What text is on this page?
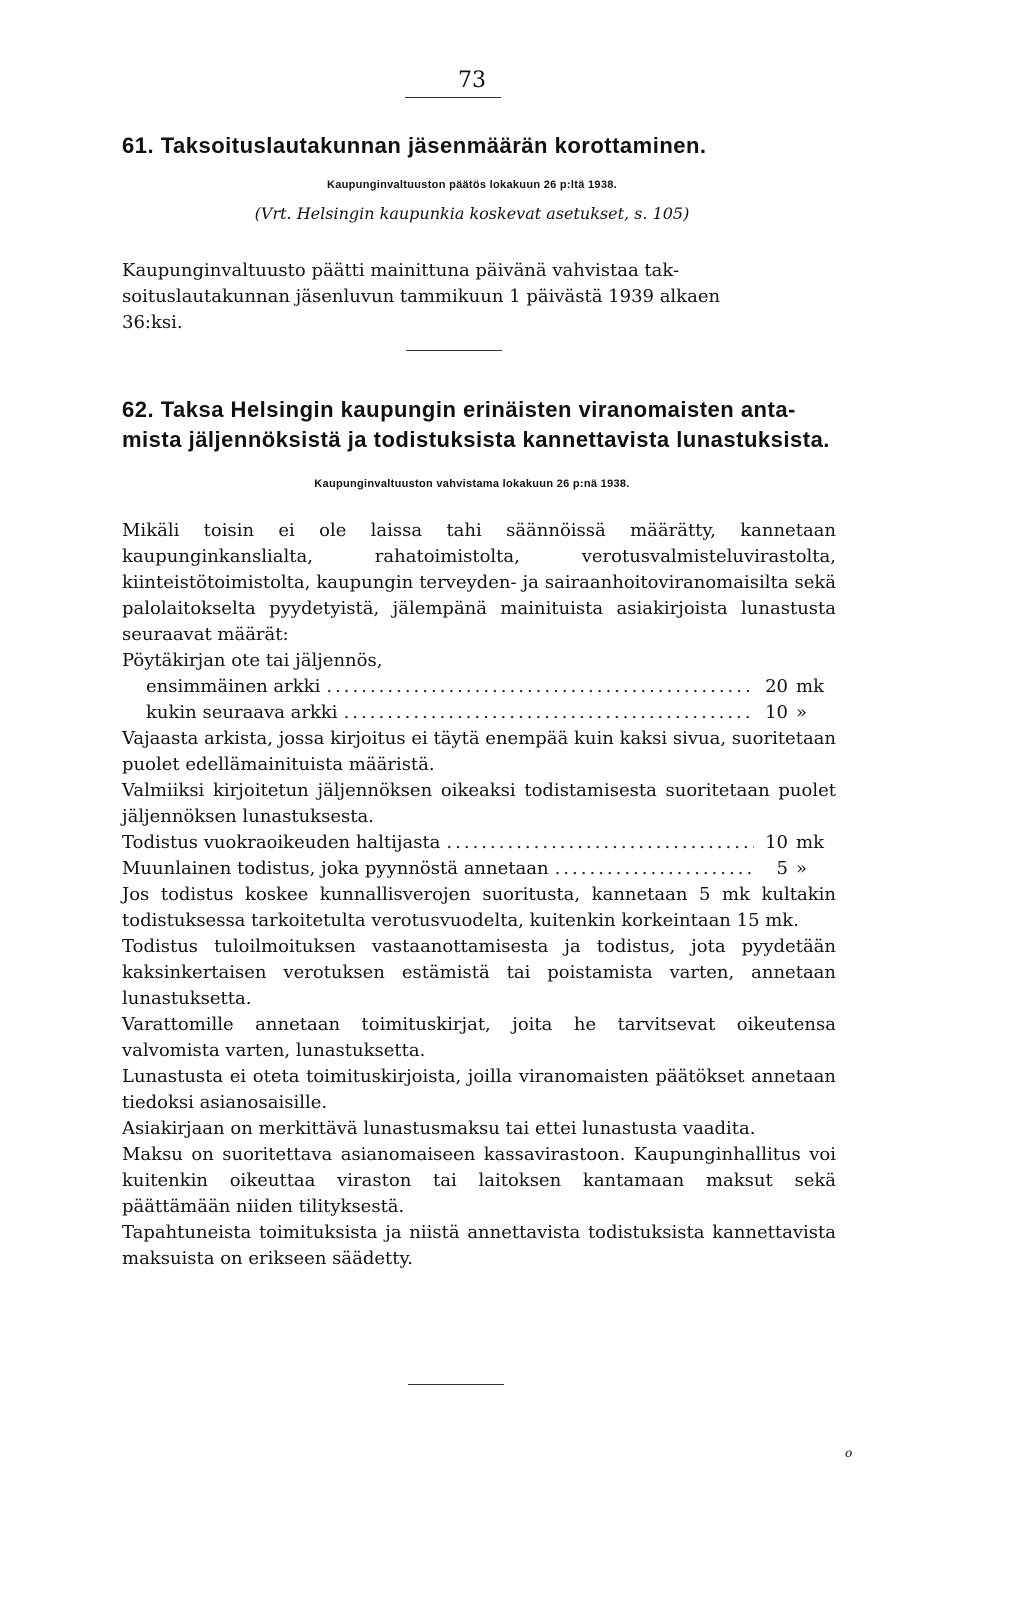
73
61. Taksoituslautakunnan jäsenmäärän korottaminen.
Kaupunginvaltuuston päätös lokakuun 26 p:ltä 1938.
(Vrt. Helsingin kaupunkia koskevat asetukset, s. 105)
Kaupunginvaltuusto päätti mainittuna päivänä vahvistaa tak-
soituslautakunnan jäsenluvun tammikuun 1 päivästä 1939 alkaen
36:ksi.
62. Taksa Helsingin kaupungin erinäisten viranomaisten anta-
mista jäljennöksistä ja todistuksista kannettavista lunastuksista.
Kaupunginvaltuuston vahvistama lokakuun 26 p:nä 1938.

Mikäli toisin ei ole laissa tahi säännöissä määrätty, kannetaan kaupunginkanslialta, rahatoimistolta, verotusvalmisteluvirastolta, kiinteistötoimistolta, kaupungin terveyden- ja sairaanhoitoviranomaisilta sekä palolaitokselta pyydetyistä, jälempänä mainituista asiakirjoista lunastusta seuraavat määrät:

Pöytäkirjan ote tai jäljennös,

ensimmäinen arkki .....	20 mk
kukin seuraava arkki .....	10 »

Vajaasta arkista, jossa kirjoitus ei täytä enempää kuin kaksi sivua, suoritetaan puolet edellämainituista määristä.

Valmiiksi kirjoitetun jäljennöksen oikeaksi todistamisesta suoritetaan puolet jäljennöksen lunastuksesta.

Todistus vuokraoikeuden haltijasta .....	10 mk
Muunlainen todistus, joka pyynnöstä annetaan .....	5 »

Jos todistus koskee kunnallisverojen suoritusta, kannetaan 5 mk kultakin todistuksessa tarkoitetulta verotusvuodelta, kuitenkin korkeintaan 15 mk.

Todistus tuloilmoituksen vastaanottamisesta ja todistus, jota pyydetään kaksinkertaisen verotuksen estämistä tai poistamista varten, annetaan lunastuksetta.

Varattomille annetaan toimituskirjat, joita he tarvitsevat oikeutensa valvomista varten, lunastuksetta.

Lunastusta ei oteta toimituskirjoista, joilla viranomaisten päätökset annetaan tiedoksi asianosaisille.

Asiakirjaan on merkittävä lunastusmaksu tai ettei lunastusta vaadita.

Maksu on suoritettava asianomaiseen kassavirastoon. Kaupunginhallitus voi kuitenkin oikeuttaa viraston tai laitoksen kantamaan maksut sekä päättämään niiden tilityksestä.

Tapahtuneista toimituksista ja niistä annettavista todistuksista kannettavista maksuista on erikseen säädetty.

o
